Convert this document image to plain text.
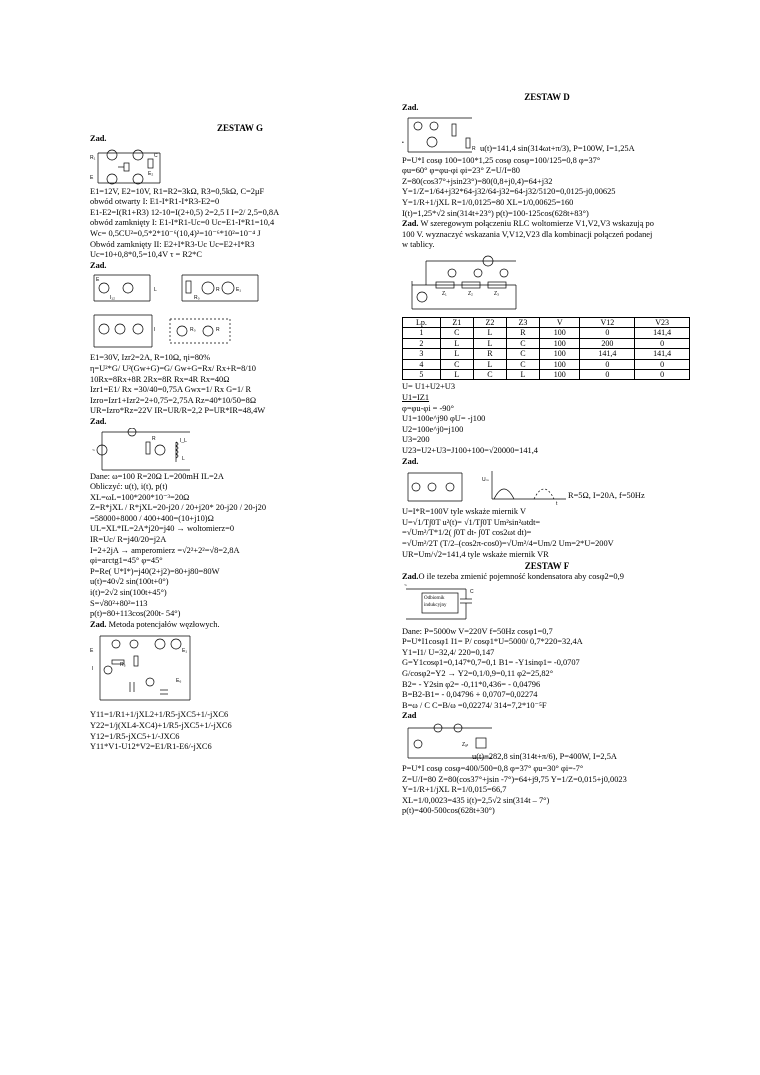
ZESTAW G
Zad.
R₁
E
C
E₂
E1=12V, E2=10V, R1=R2=3kΩ, R3=0,5kΩ, C=2μF
obwód otwarty I: E1-I*R1-I*R3-E2=0
E1-E2=I(R1+R3) 12-10=I(2+0,5) 2=2,5 I I=2/ 2,5=0,8A
obwód zamknięty I: E1-I*R1-Uc=0 Uc=E1-I*R1=10,4
Wc= 0,5CU²=0,5*2*10⁻⁶(10,4)²=10⁻⁶*10²=10⁻⁴ J
Obwód zamknięty II: E2+I*R3-Uc Uc=E2+I*R3
Uc=10+0,8*0,5=10,4V τ = R2*C
Zad.
E
I₁₂
L
R₀
R	E₁
I	R₀	R
E1=30V, Izr2=2A, R=10Ω, ηi=80%
η=U²*G/ U²(Gw+G)=G/ Gw+G=Rx/ Rx+R=8/10
10Rx=8Rx+8R 2Rx=8R Rx=4R Rx=40Ω
Izr1=E1/ Rx =30/40=0,75A Gwx=1/ Rx G=1/ R
Izro=Izr1+Izr2=2+0,75=2,75A Rz=40*10/50=8Ω
UR=Izro*Rz=22V IR=UR/R=2,2 P=UR*IR=48,4W
Zad.
~
I_L
L
R
Dane: ω=100 R=20Ω L=200mH IL=2A
Obliczyć: u(t), i(t), p(t)
XL=ωL=100*200*10⁻³=20Ω
Z=R*jXL / R*jXL=20-j20 / 20+j20* 20-j20 / 20-j20
=58000+8000 / 400+400=(10+j10)Ω
UL=XL*IL=2A*j20=j40 → woltomierz=0
IR=Uc/ R=j40/20=j2A
I=2+2jA → amperomierz =√2²+2²=√8=2,8A
φi=arctg1=45° φ=45°
P=Re( U*I*)=j40(2+j2)=80+j80=80W
u(t)=40√2 sin(100t+0°)
i(t)=2√2 sin(100t+45°)
S=√80²+80²=113
p(t)=80+113cos(200t- 54°)
Zad. Metoda potencjałów węzłowych.
E
I
R₅
E₁
E₆
Y11=1/R1+1/jXL2+1/R5-jXC5+1/-jXC6
Y22=1/j(XL4-XC4)+1/R5-jXC5+1/-jXC6
Y12=1/R5-jXC5+1/-JXC6
Y11*V1-U12*V2=E1/R1-E6/-jXC6
ZESTAW D
Zad.
•
R u(t)=141,4 sin(314ωt+π/3), P=100W, I=1,25A
P=U*I cosφ 100=100*1,25 cosφ cosφ=100/125=0,8 φ=37°
φu=60° φ=φu-φi φi=23° Z=U/I=80
Z=80(cos37°+jsin23°)=80(0,8+j0,4)=64+j32
Y=1/Z=1/64+j32*64-j32/64-j32=64-j32/5120=0,0125-j0,00625
Y=1/R+1/jXL R=1/0,0125=80 XL=1/0,00625=160
I(t)=1,25*√2 sin(314t+23°) p(t)=100-125cos(628t+83°)
Zad. W szeregowym połączeniu RLC woltomierze V1,V2,V3 wskazują po
100 V. wyznaczyć wskazania V,V12,V23 dla kombinacji połączeń podanej
w tablicy.
Z₁	Z₂	Z₃
Lp.	Z1	Z2	Z3	V	V12	V23
1	C	L	R	100	0	141,4
2	L	L	C	100	200	0
3	L	R	C	100	141,4	141,4
4	C	L	C	100	0	0
5	L	C	L	100	0	0
U= U1+U2+U3
U1=IZ1
φ=φu-φi = -90°
U1=100e^j90 φU= -j100
U2=100e^j0=j100
U3=200
U23=U2+U3=J100+100=√20000=141,4
Zad.
Uₘ
t
R=5Ω, I=20A, f=50Hz
U=I*R=100V tyle wskaże miernik V
U=√1/T∫0T u²(t)= √1/T∫0T Um²sin²ωtdt=
=√Um²/T*1/2( ∫0T dt- ∫0T cos2ωt dt)=
=√Um²/2T (T/2–(cos2π-cos0)=√Um²/4=Um/2 Um=2*U=200V
UR=Um/√2=141,4 tyle wskaże miernik VR
ZESTAW F
Zad.O ile tezeba zmienić pojemność kondensatora aby cosφ2=0,9
~
C
Odbiornik
indukcyjny
Dane: P=5000w V=220V f=50Hz cosφ1=0,7
P=U*I1cosφ1 I1= P/ cosφ1*U=5000/ 0,7*220=32,4A
Y1=I1/ U=32,4/ 220=0,147
G=Y1cosφ1=0,147*0,7=0,1 B1= -Y1sinφ1= -0,0707
G/cosφ2=Y2 → Y2=0,1/0,9=0,11 φ2=25,82°
B2= - Y2sin φ2= -0,11*0,436= - 0,04796
B=B2-B1= - 0,04796 + 0,0707=0,02274
B=ω / C C=B/ω =0,02274/ 314=7,2*10⁻⁵F
Zad
Zₐₜ
u(t)=282,8 sin(314t+π/6), P=400W, I=2,5A
P=U*I cosφ cosφ=400/500=0,8 φ=37° φu=30° φi=-7°
Z=U/I=80 Z=80(cos37°+jsin -7°)=64+j9,75 Y=1/Z=0,015+j0,0023
Y=1/R+1/jXL R=1/0,015=66,7
XL=1/0,0023=435 i(t)=2,5√2 sin(314t – 7°)
p(t)=400-500cos(628t+30°)
